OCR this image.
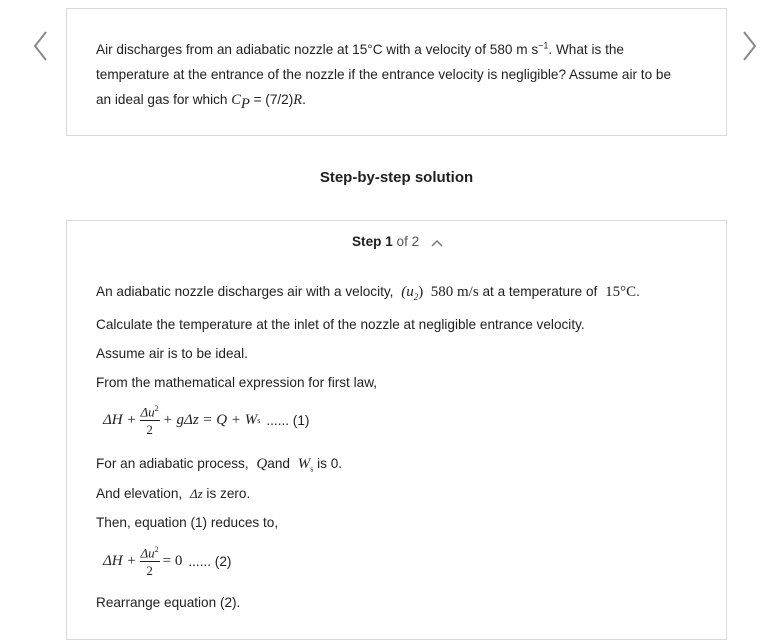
Air discharges from an adiabatic nozzle at 15°C with a velocity of 580 m $s^{-1}$. What is the
temperature at the entrance of the nozzle if the entrance velocity is negligible? Assume air to be
an ideal gas for which $C_P = (7/2)R$.
Step-by-step solution
Step 1 of 2
An adiabatic nozzle discharges air with a velocity, $(u_2)$ 580 m/s at a temperature of 15°C.
Calculate the temperature at the inlet of the nozzle at negligible entrance velocity.
Assume air is to be ideal.
From the mathematical expression for first law,
$\Delta H + \frac{\Delta u^2}{2} + g\Delta z = Q + W$ s ...... (1)
For an adiabatic process, Qand $W_s$ is 0.
And elevation, Δz is zero.
Then, equation (1) reduces to,
$\Delta H + \frac{\Delta u^2}{2} = 0$ ...... (2)
Rearrange equation (2).
